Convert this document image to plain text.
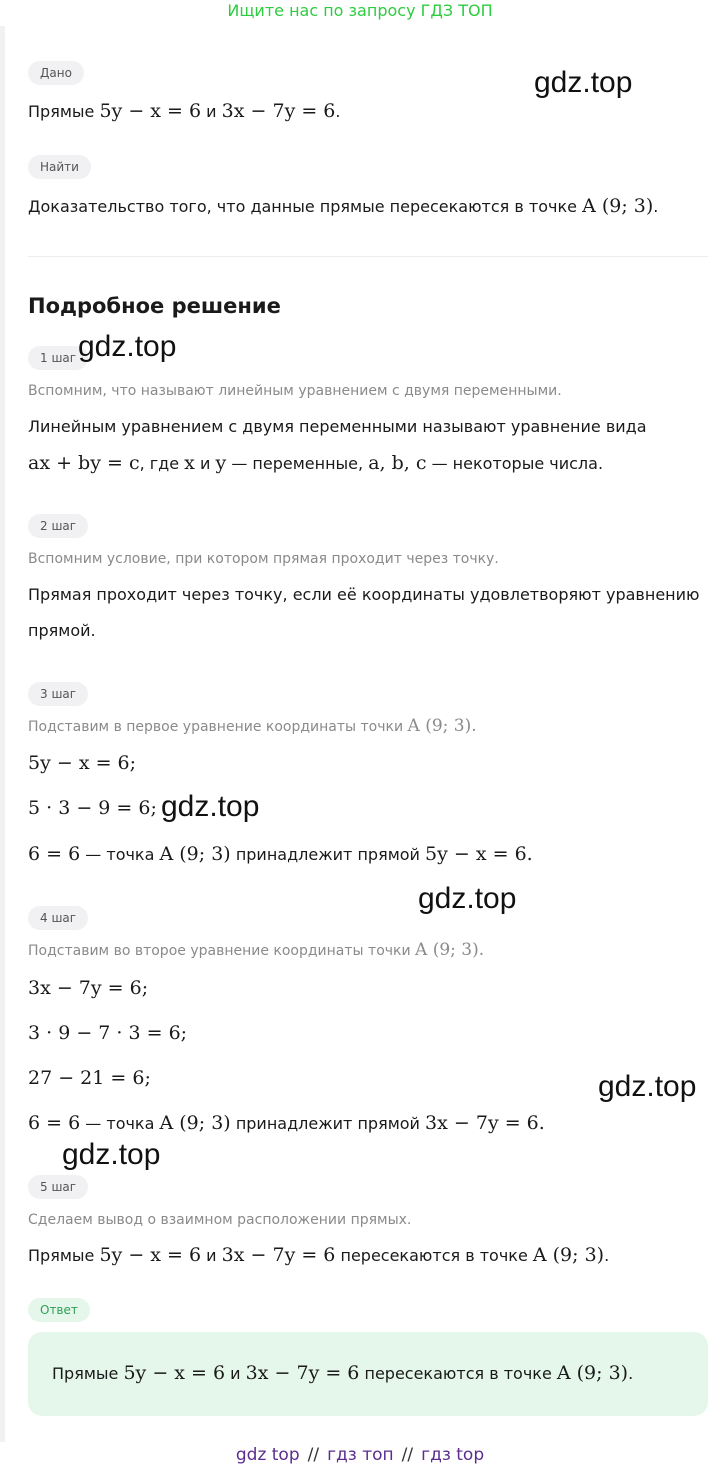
Ищите нас по запросу ГДЗ ТОП
Дано
Прямые 5y − x = 6 и 3x − 7y = 6.
Найти
Доказательство того, что данные прямые пересекаются в точке A (9; 3).
Подробное решение
1 шаг
Вспомним, что называют линейным уравнением с двумя переменными.
Линейным уравнением с двумя переменными называют уравнение вида
ax + by = c, где x и y — переменные, a, b, c — некоторые числа.
2 шаг
Вспомним условие, при котором прямая проходит через точку.
Прямая проходит через точку, если её координаты удовлетворяют уравнению
прямой.
3 шаг
Подставим в первое уравнение координаты точки A (9; 3).
5y − x = 6;
5 · 3 − 9 = 6;
6 = 6 — точка A (9; 3) принадлежит прямой 5y − x = 6.
4 шаг
Подставим во второе уравнение координаты точки A (9; 3).
3x − 7y = 6;
3 · 9 − 7 · 3 = 6;
27 − 21 = 6;
6 = 6 — точка A (9; 3) принадлежит прямой 3x − 7y = 6.
5 шаг
Сделаем вывод о взаимном расположении прямых.
Прямые 5y − x = 6 и 3x − 7y = 6 пересекаются в точке A (9; 3).
Ответ
Прямые 5y − x = 6 и 3x − 7y = 6 пересекаются в точке A (9; 3).
gdz.top
gdz.top
gdz.top
gdz.top
gdz.top
gdz.top
gdz top // гдз топ // гдз top
